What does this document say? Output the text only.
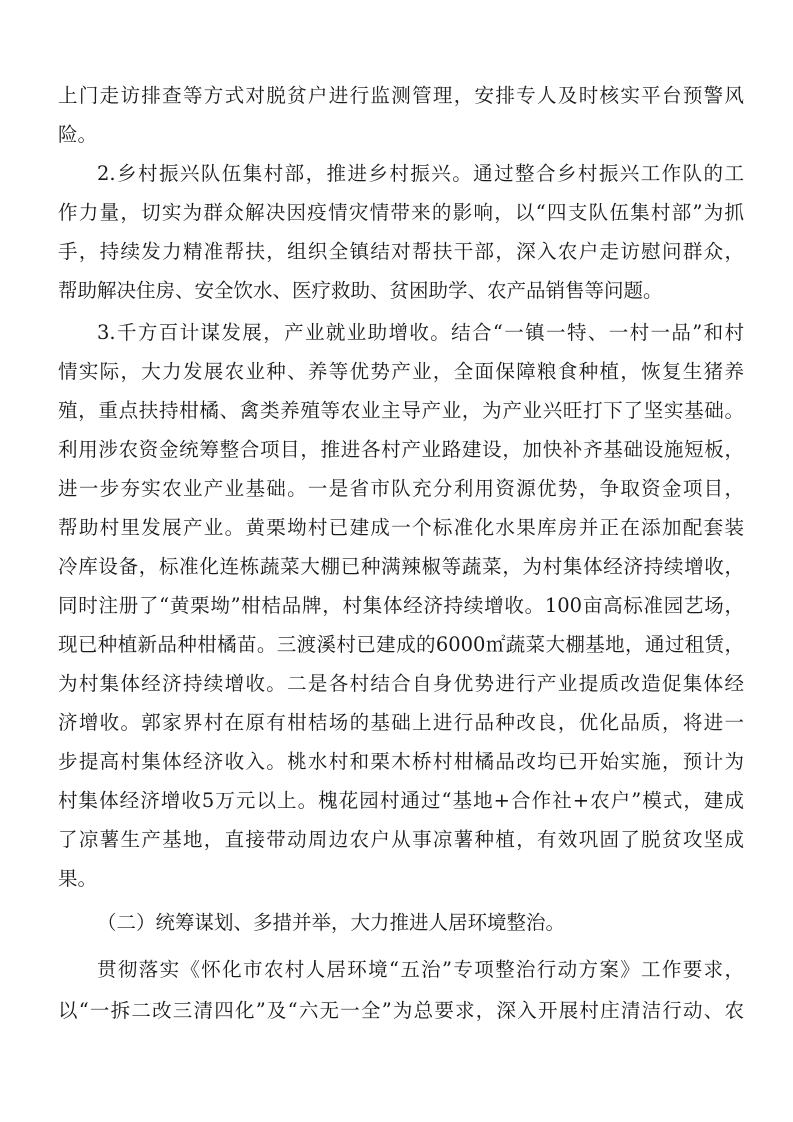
上门走访排查等方式对脱贫户进行监测管理，安排专人及时核实平台预警风
险。
2.乡村振兴队伍集村部，推进乡村振兴。通过整合乡村振兴工作队的工
作力量，切实为群众解决因疫情灾情带来的影响，以“四支队伍集村部”为抓
手，持续发力精准帮扶，组织全镇结对帮扶干部，深入农户走访慰问群众，
帮助解决住房、安全饮水、医疗救助、贫困助学、农产品销售等问题。
3.千方百计谋发展，产业就业助增收。结合“一镇一特、一村一品”和村
情实际，大力发展农业种、养等优势产业，全面保障粮食种植，恢复生猪养
殖，重点扶持柑橘、禽类养殖等农业主导产业，为产业兴旺打下了坚实基础。
利用涉农资金统筹整合项目，推进各村产业路建设，加快补齐基础设施短板，
进一步夯实农业产业基础。一是省市队充分利用资源优势，争取资金项目，
帮助村里发展产业。黄栗坳村已建成一个标准化水果库房并正在添加配套装
冷库设备，标准化连栋蔬菜大棚已种满辣椒等蔬菜，为村集体经济持续增收，
同时注册了“黄栗坳”柑桔品牌，村集体经济持续增收。100亩高标准园艺场，
现已种植新品种柑橘苗。三渡溪村已建成的6000㎡蔬菜大棚基地，通过租赁，
为村集体经济持续增收。二是各村结合自身优势进行产业提质改造促集体经
济增收。郭家界村在原有柑桔场的基础上进行品种改良，优化品质，将进一
步提高村集体经济收入。桃水村和栗木桥村柑橘品改均已开始实施，预计为
村集体经济增收5万元以上。槐花园村通过“基地+合作社+农户”模式，建成
了凉薯生产基地，直接带动周边农户从事凉薯种植，有效巩固了脱贫攻坚成
果。
（二）统筹谋划、多措并举，大力推进人居环境整治。
贯彻落实《怀化市农村人居环境“五治”专项整治行动方案》工作要求，
以“一拆二改三清四化”及“六无一全”为总要求，深入开展村庄清洁行动、农
